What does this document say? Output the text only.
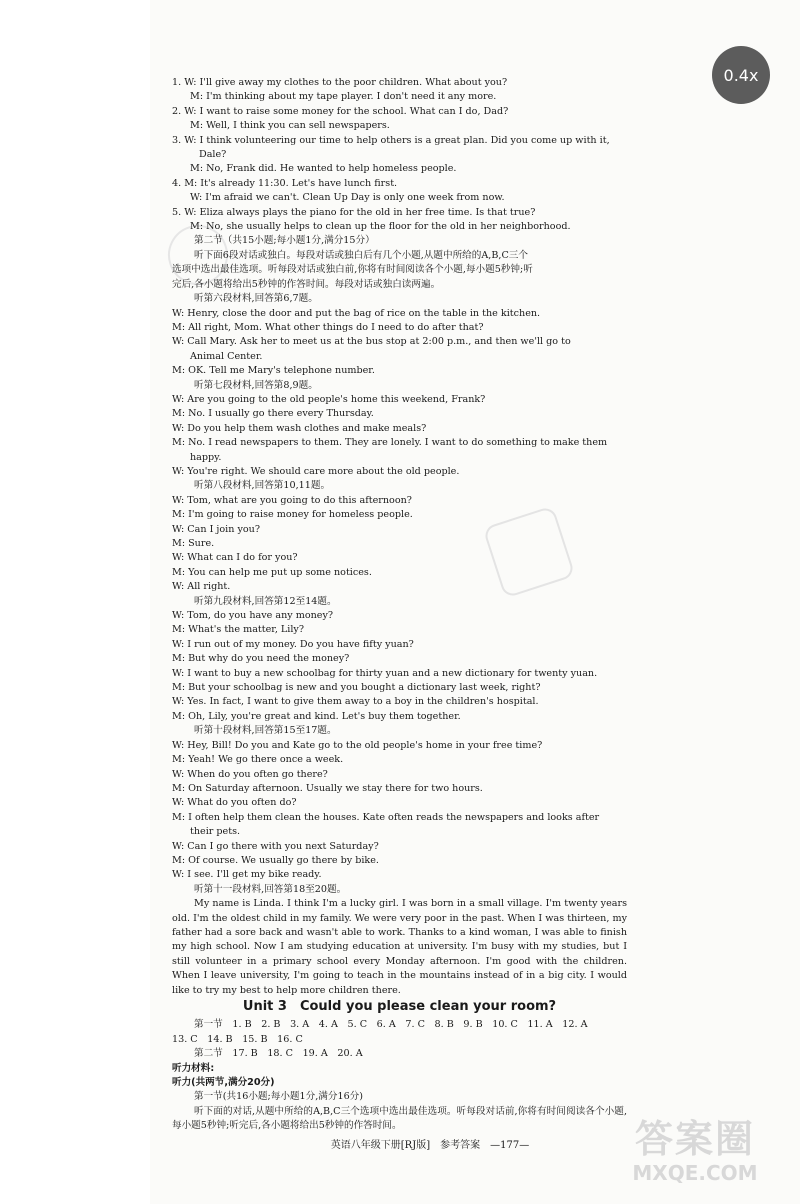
1. W: I'll give away my clothes to the poor children. What about you?
M: I'm thinking about my tape player. I don't need it any more.
2. W: I want to raise some money for the school. What can I do, Dad?
M: Well, I think you can sell newspapers.
3. W: I think volunteering our time to help others is a great plan. Did you come up with it,
Dale?
M: No, Frank did. He wanted to help homeless people.
4. M: It's already 11:30. Let's have lunch first.
W: I'm afraid we can't. Clean Up Day is only one week from now.
5. W: Eliza always plays the piano for the old in her free time. Is that true?
M: No, she usually helps to clean up the floor for the old in her neighborhood.
第二节（共15小题;每小题1分,满分15分）
听下面6段对话或独白。每段对话或独白后有几个小题,从题中所给的A,B,C三个
选项中选出最佳选项。听每段对话或独白前,你将有时间阅读各个小题,每小题5秒钟;听
完后,各小题将给出5秒钟的作答时间。每段对话或独白读两遍。
听第六段材料,回答第6,7题。
W: Henry, close the door and put the bag of rice on the table in the kitchen.
M: All right, Mom. What other things do I need to do after that?
W: Call Mary. Ask her to meet us at the bus stop at 2:00 p.m., and then we'll go to
Animal Center.
M: OK. Tell me Mary's telephone number.
听第七段材料,回答第8,9题。
W: Are you going to the old people's home this weekend, Frank?
M: No. I usually go there every Thursday.
W: Do you help them wash clothes and make meals?
M: No. I read newspapers to them. They are lonely. I want to do something to make them
happy.
W: You're right. We should care more about the old people.
听第八段材料,回答第10,11题。
W: Tom, what are you going to do this afternoon?
M: I'm going to raise money for homeless people.
W: Can I join you?
M: Sure.
W: What can I do for you?
M: You can help me put up some notices.
W: All right.
听第九段材料,回答第12至14题。
W: Tom, do you have any money?
M: What's the matter, Lily?
W: I run out of my money. Do you have fifty yuan?
M: But why do you need the money?
W: I want to buy a new schoolbag for thirty yuan and a new dictionary for twenty yuan.
M: But your schoolbag is new and you bought a dictionary last week, right?
W: Yes. In fact, I want to give them away to a boy in the children's hospital.
M: Oh, Lily, you're great and kind. Let's buy them together.
听第十段材料,回答第15至17题。
W: Hey, Bill! Do you and Kate go to the old people's home in your free time?
M: Yeah! We go there once a week.
W: When do you often go there?
M: On Saturday afternoon. Usually we stay there for two hours.
W: What do you often do?
M: I often help them clean the houses. Kate often reads the newspapers and looks after
their pets.
W: Can I go there with you next Saturday?
M: Of course. We usually go there by bike.
W: I see. I'll get my bike ready.
听第十一段材料,回答第18至20题。
My name is Linda. I think I'm a lucky girl. I was born in a small village. I'm twenty years old. I'm the oldest child in my family. We were very poor in the past. When I was thirteen, my father had a sore back and wasn't able to work. Thanks to a kind woman, I was able to finish my high school. Now I am studying education at university. I'm busy with my studies, but I still volunteer in a primary school every Monday afternoon. I'm good with the children. When I leave university, I'm going to teach in the mountains instead of in a big city. I would like to try my best to help more children there.
Unit 3　Could you please clean your room?
第一节　1. B　2. B　3. A　4. A　5. C　6. A　7. C　8. B　9. B　10. C　11. A　12. A
13. C　14. B　15. B　16. C
第二节　17. B　18. C　19. A　20. A
听力材料:
听力(共两节,满分20分)
第一节(共16小题;每小题1分,满分16分)
听下面的对话,从题中所给的A,B,C三个选项中选出最佳选项。听每段对话前,你将有时间阅读各个小题,每小题5秒钟;听完后,各小题将给出5秒钟的作答时间。
0.4x
英语八年级下册[RJ版]　参考答案　—177—	答案圈
MXQE.COM
